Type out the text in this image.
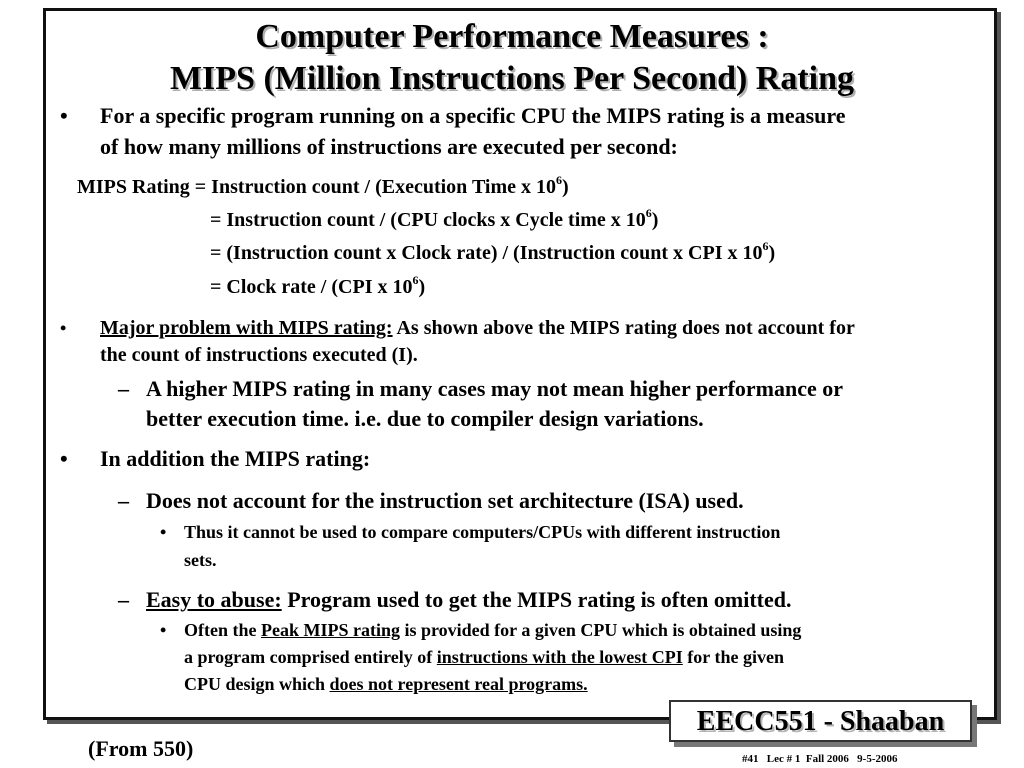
Computer Performance Measures :
MIPS (Million Instructions Per Second) Rating
• For a specific program running on a specific CPU the MIPS rating is a measure
of how many millions of instructions are executed per second:
MIPS Rating = Instruction count / (Execution Time x $10^6$)
= Instruction count / (CPU clocks x Cycle time x $10^6$)
= (Instruction count x Clock rate) / (Instruction count x CPI x $10^6$)
= Clock rate / (CPI x $10^6$)
• Major problem with MIPS rating: As shown above the MIPS rating does not account for
the count of instructions executed (I).
– A higher MIPS rating in many cases may not mean higher performance or
better execution time. i.e. due to compiler design variations.
• In addition the MIPS rating:
– Does not account for the instruction set architecture (ISA) used.
• Thus it cannot be used to compare computers/CPUs with different instruction
sets.
– Easy to abuse: Program used to get the MIPS rating is often omitted.
• Often the Peak MIPS rating is provided for a given CPU which is obtained using
a program comprised entirely of instructions with the lowest CPI for the given
CPU design which does not represent real programs.
EECC551 - Shaaban
(From 550)	#41   Lec # 1  Fall 2006   9-5-2006
